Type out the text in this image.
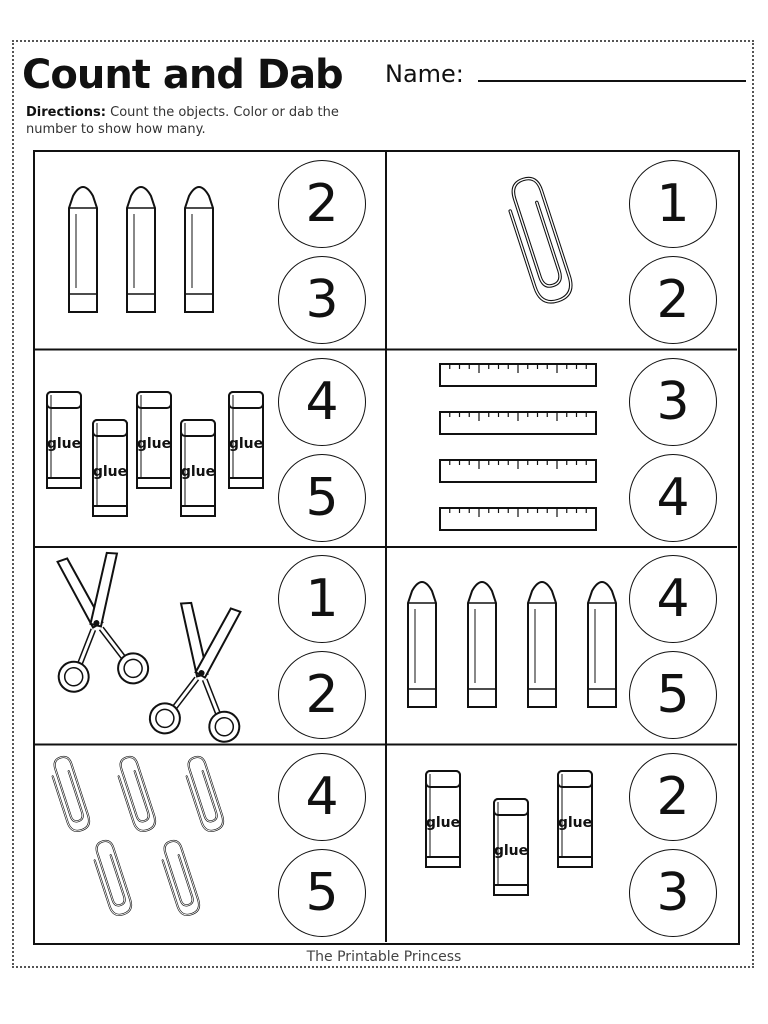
Count and Dab Name:
Directions: Count the objects. Color or dab the number to show how many.
2
3
1
2
glue
glue
glue
glue
glue
4
5
3
4
1
2
4
5
4
5
glue
glue
glue	2
3
The Printable Princess
